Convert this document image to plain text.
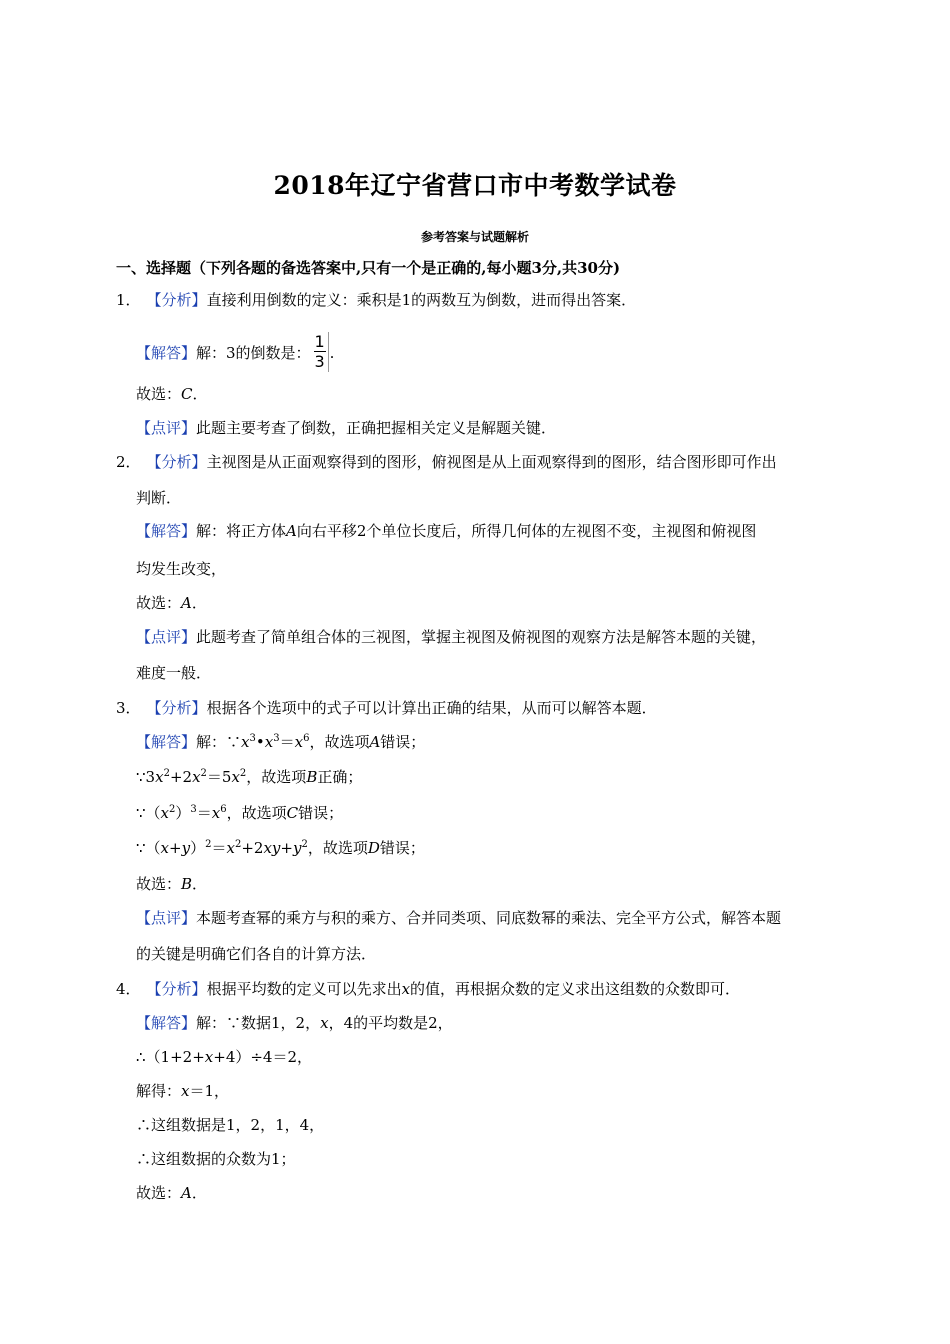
2018年辽宁省营口市中考数学试卷
参考答案与试题解析
一、选择题（下列各题的备选答案中,只有一个是正确的,每小题3分,共30分)
1． 【分析】直接利用倒数的定义：乘积是1的两数互为倒数，进而得出答案．
【解答】解：3的倒数是： $\frac{1}{3}$ .
故选：C．
【点评】此题主要考查了倒数，正确把握相关定义是解题关键．
2． 【分析】主视图是从正面观察得到的图形，俯视图是从上面观察得到的图形，结合图形即可作出
判断．
【解答】解：将正方体A向右平移2个单位长度后，所得几何体的左视图不变，主视图和俯视图
均发生改变，
故选：A．
【点评】此题考查了简单组合体的三视图，掌握主视图及俯视图的观察方法是解答本题的关键，
难度一般．
3． 【分析】根据各个选项中的式子可以计算出正确的结果，从而可以解答本题．
【解答】解：$\because x^3•x^3=x^6$，故选项A错误；
$\because 3x^2+2x^2=5x^2$，故选项B正确；
$\because(x^2)^3=x^6$，故选项C错误；
$\because(x+y)^2=x^2+2xy+y^2$，故选项D错误；
故选：B．
【点评】本题考查幂的乘方与积的乘方、合并同类项、同底数幂的乘法、完全平方公式，解答本题
的关键是明确它们各自的计算方法．
4． 【分析】根据平均数的定义可以先求出x的值，再根据众数的定义求出这组数的众数即可．
【解答】解：∵数据1，2，x，4的平均数是2，
∴（1+2+x+4）÷4＝2，
解得：x＝1，
∴这组数据是1，2，1，4，
∴这组数据的众数为1；
故选：A．
